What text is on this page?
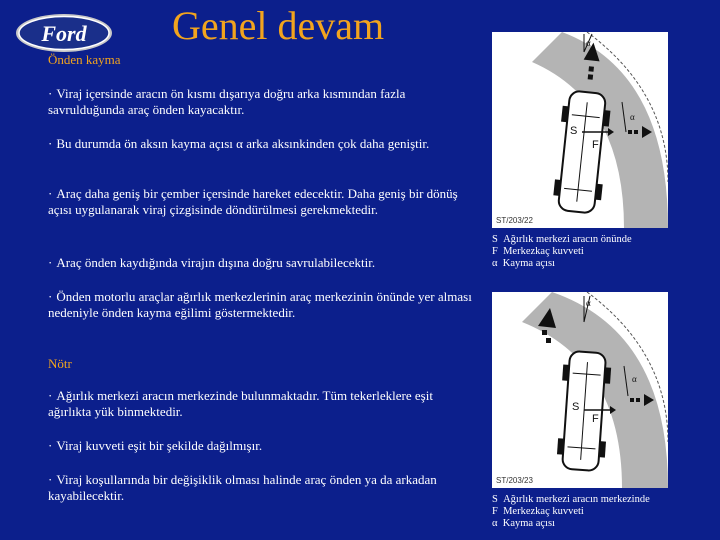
Ford Genel devam
Önden kayma
· Viraj içersinde aracın ön kısmı dışarıya doğru arka kısmından fazla savrulduğunda araç önden kayacaktır.
· Bu durumda ön aksın kayma açısı α arka aksınkinden çok daha geniştir.
· Araç daha geniş bir çember içersinde hareket edecektir. Daha geniş bir dönüş açısı uygulanarak viraj çizgisinde döndürülmesi gerekmektedir.
· Araç önden kaydığında virajın dışına doğru savrulabilecektir.
· Önden motorlu araçlar ağırlık merkezlerinin araç merkezinin önünde yer alması nedeniyle önden kayma eğilimi göstermektedir.
Nötr
· Ağırlık merkezi aracın merkezinde bulunmaktadır. Tüm tekerleklere eşit ağırlıkta yük binmektedir.
· Viraj kuvveti eşit bir şekilde dağılmışır.
· Viraj koşullarında bir değişiklik olması halinde araç önden ya da arkadan kayabilecektir.
α
α
S
F
ST/203/22
S Ağırlık merkezi aracın önünde
F Merkezkaç kuvveti
α Kayma açısı
α
α
S
F
ST/203/23
S Ağırlık merkezi aracın merkezinde
F Merkezkaç kuvveti
α Kayma açısı
